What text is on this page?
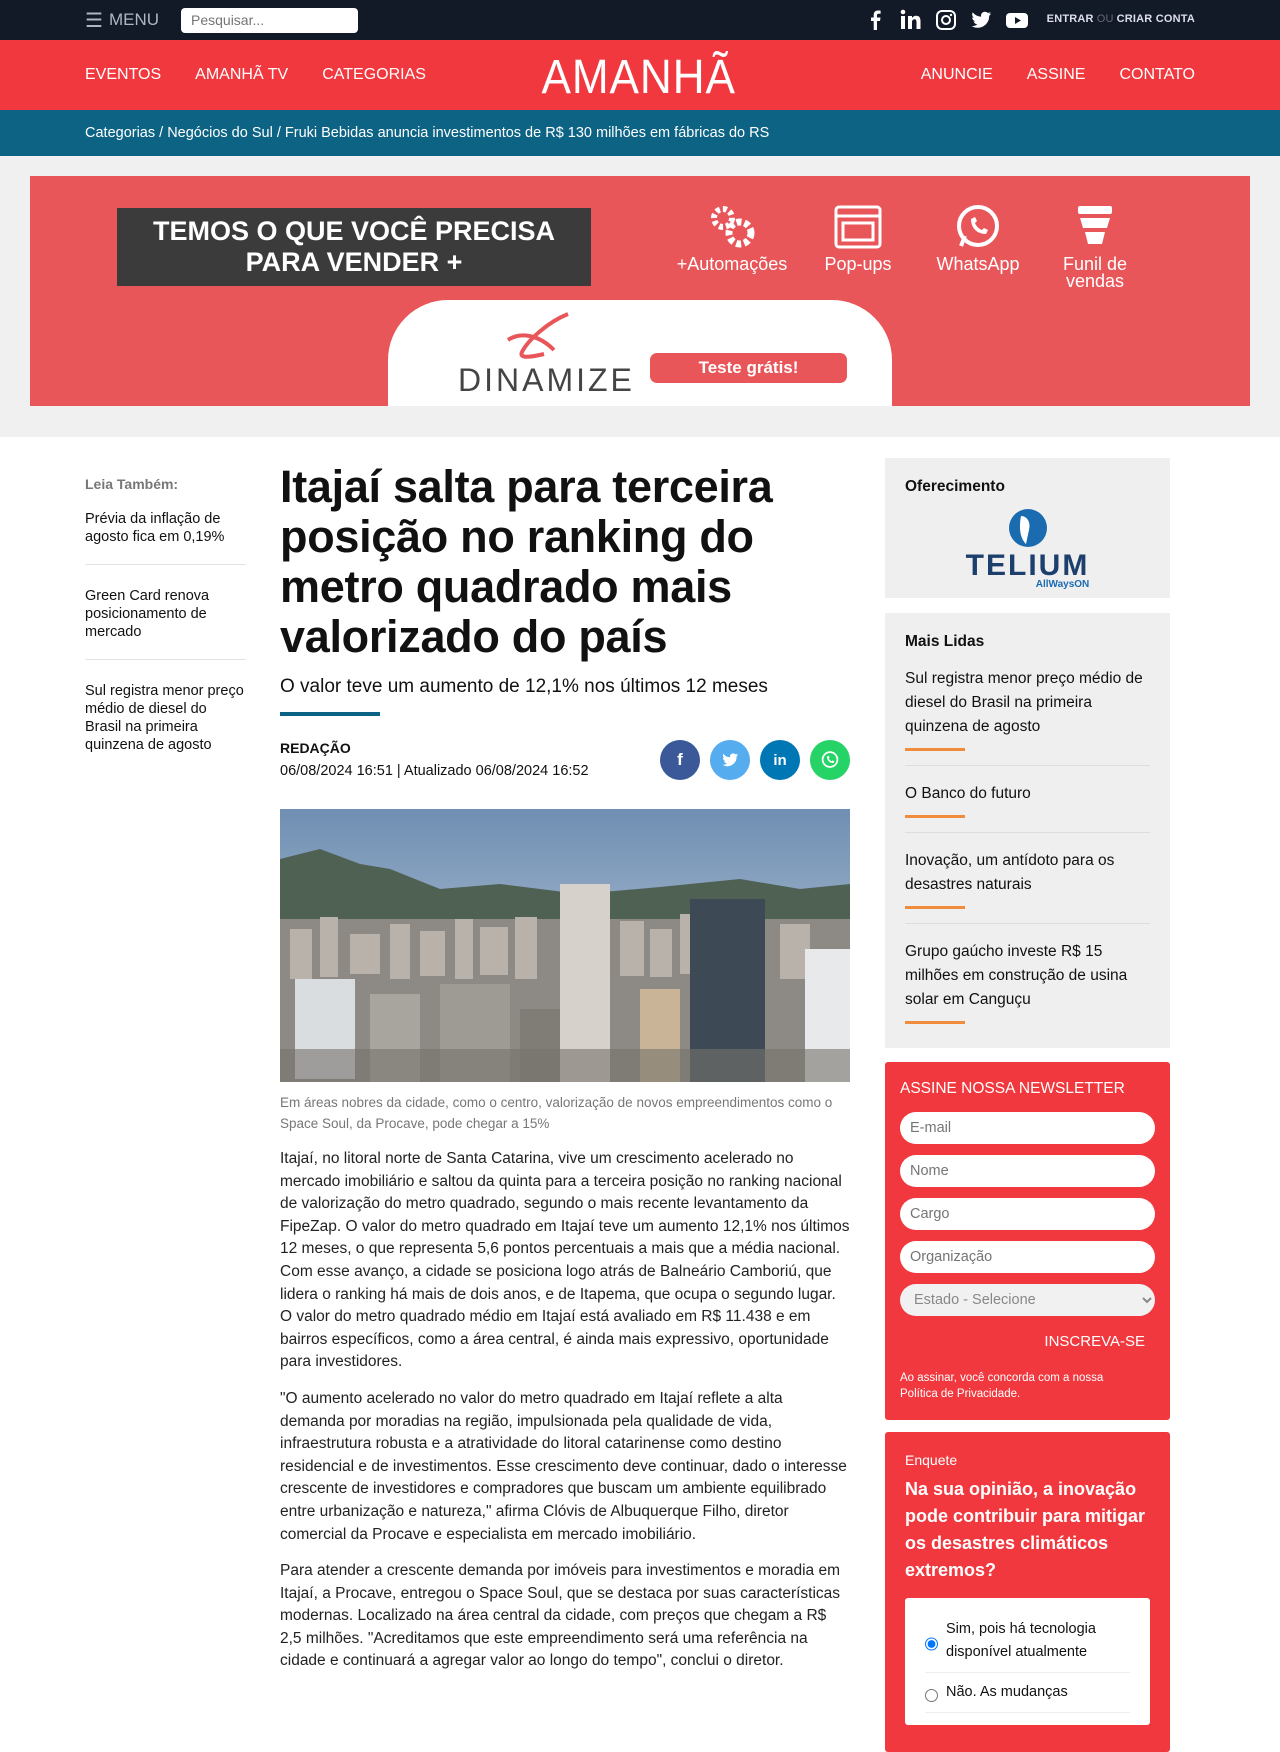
☰ MENU
Pesquisar...	ENTRAR OU CRIAR CONTA
EVENTOS AMANHÃ TV CATEGORIAS AMANHÃ	ANUNCIE ASSINE CONTATO
Categorias / Negócios do Sul / Fruki Bebidas anuncia investimentos de R$ 130 milhões em fábricas do RS
TEMOS O QUE VOCÊ PRECISA
PARA VENDER +	+Automações	Pop-ups	WhatsApp	Funil de vendas
DINAMIZE	Teste grátis!
Leia Também:
Prévia da inflação de agosto fica em 0,19%
Green Card renova posicionamento de mercado
Sul registra menor preço médio de diesel do Brasil na primeira quinzena de agosto
Itajaí salta para terceira posição no ranking do metro quadrado mais valorizado do país
O valor teve um aumento de 12,1% nos últimos 12 meses
REDAÇÃO
06/08/2024 16:51 | Atualizado 06/08/2024 16:52
f	in
Em áreas nobres da cidade, como o centro, valorização de novos empreendimentos como o Space Soul, da Procave, pode chegar a 15%

Itajaí, no litoral norte de Santa Catarina, vive um crescimento acelerado no mercado imobiliário e saltou da quinta para a terceira posição no ranking nacional de valorização do metro quadrado, segundo o mais recente levantamento da FipeZap. O valor do metro quadrado em Itajaí teve um aumento 12,1% nos últimos 12 meses, o que representa 5,6 pontos percentuais a mais que a média nacional. Com esse avanço, a cidade se posiciona logo atrás de Balneário Camboriú, que lidera o ranking há mais de dois anos, e de Itapema, que ocupa o segundo lugar. O valor do metro quadrado médio em Itajaí está avaliado em R$ 11.438 e em bairros específicos, como a área central, é ainda mais expressivo, oportunidade para investidores.

"O aumento acelerado no valor do metro quadrado em Itajaí reflete a alta demanda por moradias na região, impulsionada pela qualidade de vida, infraestrutura robusta e a atratividade do litoral catarinense como destino residencial e de investimentos. Esse crescimento deve continuar, dado o interesse crescente de investidores e compradores que buscam um ambiente equilibrado entre urbanização e natureza," afirma Clóvis de Albuquerque Filho, diretor comercial da Procave e especialista em mercado imobiliário.

Para atender a crescente demanda por imóveis para investimentos e moradia em Itajaí, a Procave, entregou o Space Soul, que se destaca por suas características modernas. Localizado na área central da cidade, com preços que chegam a R$ 2,5 milhões. "Acreditamos que este empreendimento será uma referência na cidade e continuará a agregar valor ao longo do tempo", conclui o diretor.

Oferecimento
TELIUM
AllWaysON
Mais Lidas
Sul registra menor preço médio de diesel do Brasil na primeira quinzena de agosto
O Banco do futuro
Inovação, um antídoto para os desastres naturais
Grupo gaúcho investe R$ 15 milhões em construção de usina solar em Canguçu
ASSINE NOSSA NEWSLETTER
E-mail Nome Cargo Organização
Estado - Selecione
INSCREVA-SE
Ao assinar, você concorda com a nossa
Política de Privacidade.
Enquete
Na sua opinião, a inovação pode contribuir para mitigar os desastres climáticos extremos?
Sim, pois há tecnologia disponível atualmente
Não. As mudanças
